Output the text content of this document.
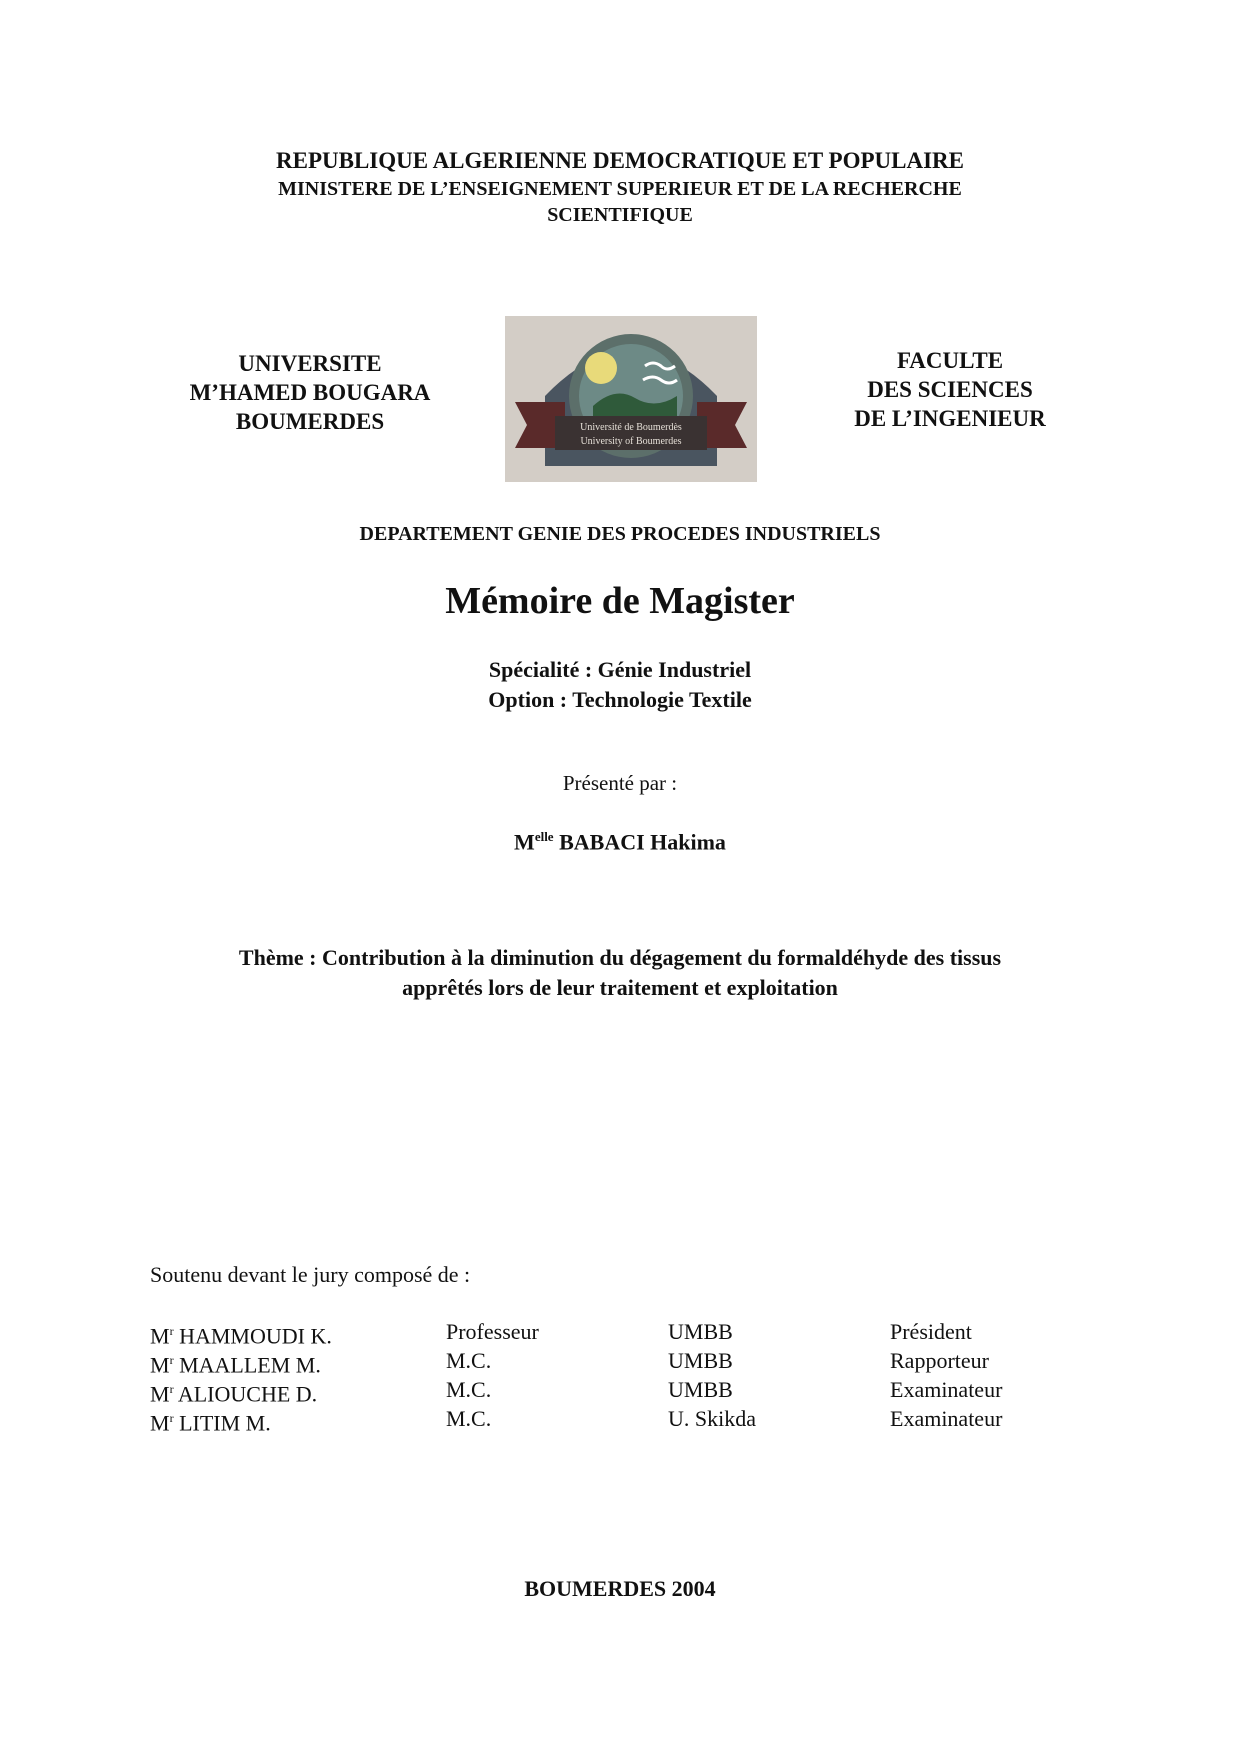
REPUBLIQUE ALGERIENNE DEMOCRATIQUE ET POPULAIRE
MINISTERE DE L’ENSEIGNEMENT SUPERIEUR ET DE LA RECHERCHE
SCIENTIFIQUE
UNIVERSITE
M’HAMED BOUGARA
BOUMERDES	Université de Boumerdès
University of Boumerdes
FACULTE
DES SCIENCES
DE L’INGENIEUR
DEPARTEMENT GENIE DES PROCEDES INDUSTRIELS
Mémoire de Magister
Spécialité : Génie Industriel
Option : Technologie Textile
Présenté par :
$M^{elle}$ BABACI Hakima
Thème : Contribution à la diminution du dégagement du formaldéhyde des tissus
apprêtés lors de leur traitement et exploitation
Soutenu devant le jury composé de :
$M^r$ HAMMOUDI K.	Professeur	UMBB	Président
$M^r$ MAALLEM M.	M.C.	UMBB	Rapporteur
$M^r$ ALIOUCHE D.	M.C.	UMBB	Examinateur
$M^r$ LITIM M.	M.C.	U. Skikda	Examinateur
BOUMERDES 2004
